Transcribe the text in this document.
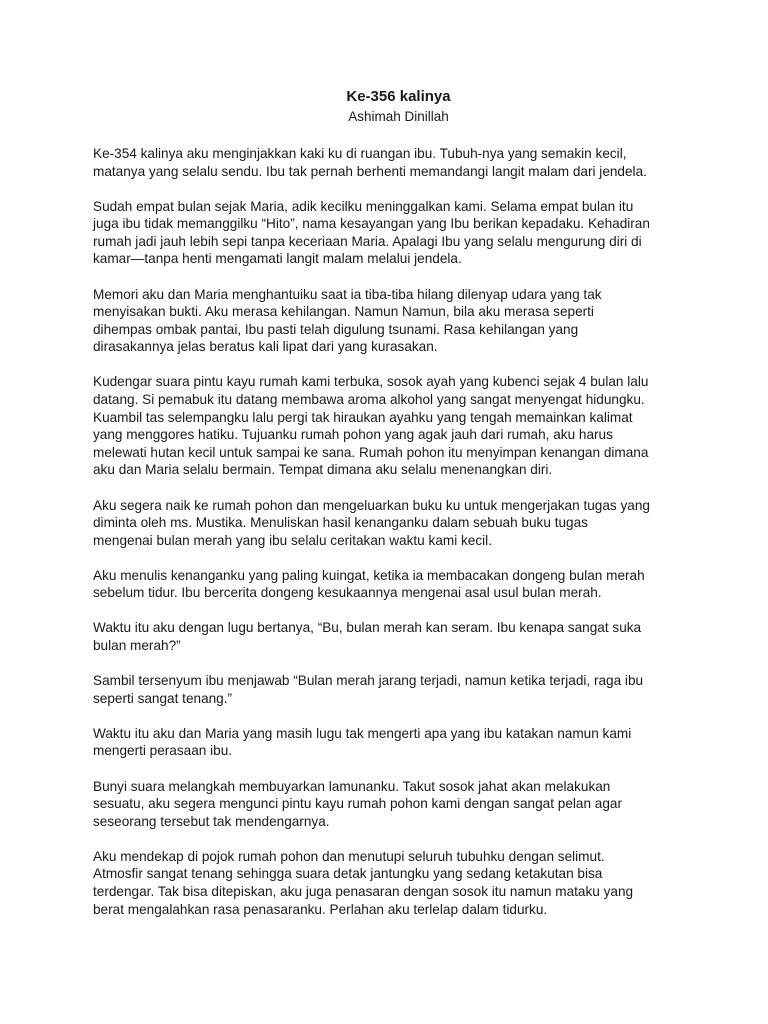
Ke-356 kalinya
Ashimah Dinillah

Ke-354 kalinya aku menginjakkan kaki ku di ruangan ibu. Tubuh-nya yang semakin kecil,
matanya yang selalu sendu. Ibu tak pernah berhenti memandangi langit malam dari jendela.

Sudah empat bulan sejak Maria, adik kecilku meninggalkan kami. Selama empat bulan itu
juga ibu tidak memanggilku “Hito”, nama kesayangan yang Ibu berikan kepadaku. Kehadiran
rumah jadi jauh lebih sepi tanpa keceriaan Maria. Apalagi Ibu yang selalu mengurung diri di
kamar—tanpa henti mengamati langit malam melalui jendela.

Memori aku dan Maria menghantuiku saat ia tiba-tiba hilang dilenyap udara yang tak
menyisakan bukti. Aku merasa kehilangan. Namun Namun, bila aku merasa seperti
dihempas ombak pantai, Ibu pasti telah digulung tsunami. Rasa kehilangan yang
dirasakannya jelas beratus kali lipat dari yang kurasakan.

Kudengar suara pintu kayu rumah kami terbuka, sosok ayah yang kubenci sejak 4 bulan lalu
datang. Si pemabuk itu datang membawa aroma alkohol yang sangat menyengat hidungku.
Kuambil tas selempangku lalu pergi tak hiraukan ayahku yang tengah memainkan kalimat
yang menggores hatiku. Tujuanku rumah pohon yang agak jauh dari rumah, aku harus
melewati hutan kecil untuk sampai ke sana. Rumah pohon itu menyimpan kenangan dimana
aku dan Maria selalu bermain. Tempat dimana aku selalu menenangkan diri.

Aku segera naik ke rumah pohon dan mengeluarkan buku ku untuk mengerjakan tugas yang
diminta oleh ms. Mustika. Menuliskan hasil kenanganku dalam sebuah buku tugas
mengenai bulan merah yang ibu selalu ceritakan waktu kami kecil.

Aku menulis kenanganku yang paling kuingat, ketika ia membacakan dongeng bulan merah
sebelum tidur. Ibu bercerita dongeng kesukaannya mengenai asal usul bulan merah.

Waktu itu aku dengan lugu bertanya, “Bu, bulan merah kan seram. Ibu kenapa sangat suka
bulan merah?”

Sambil tersenyum ibu menjawab “Bulan merah jarang terjadi, namun ketika terjadi, raga ibu
seperti sangat tenang.”

Waktu itu aku dan Maria yang masih lugu tak mengerti apa yang ibu katakan namun kami
mengerti perasaan ibu.

Bunyi suara melangkah membuyarkan lamunanku. Takut sosok jahat akan melakukan
sesuatu, aku segera mengunci pintu kayu rumah pohon kami dengan sangat pelan agar
seseorang tersebut tak mendengarnya.

Aku mendekap di pojok rumah pohon dan menutupi seluruh tubuhku dengan selimut.
Atmosfir sangat tenang sehingga suara detak jantungku yang sedang ketakutan bisa
terdengar. Tak bisa ditepiskan, aku juga penasaran dengan sosok itu namun mataku yang
berat mengalahkan rasa penasaranku. Perlahan aku terlelap dalam tidurku.
